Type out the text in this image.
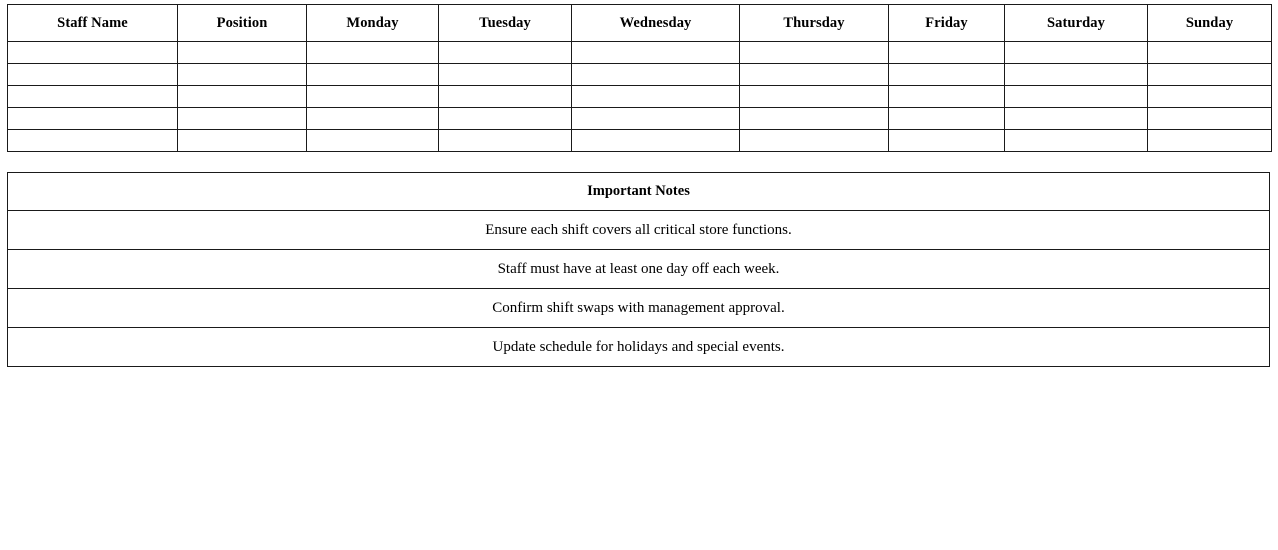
Staff Name	Position	Monday	Tuesday	Wednesday	Thursday	Friday	Saturday	Sunday

Important Notes
Ensure each shift covers all critical store functions.
Staff must have at least one day off each week.
Confirm shift swaps with management approval.
Update schedule for holidays and special events.
